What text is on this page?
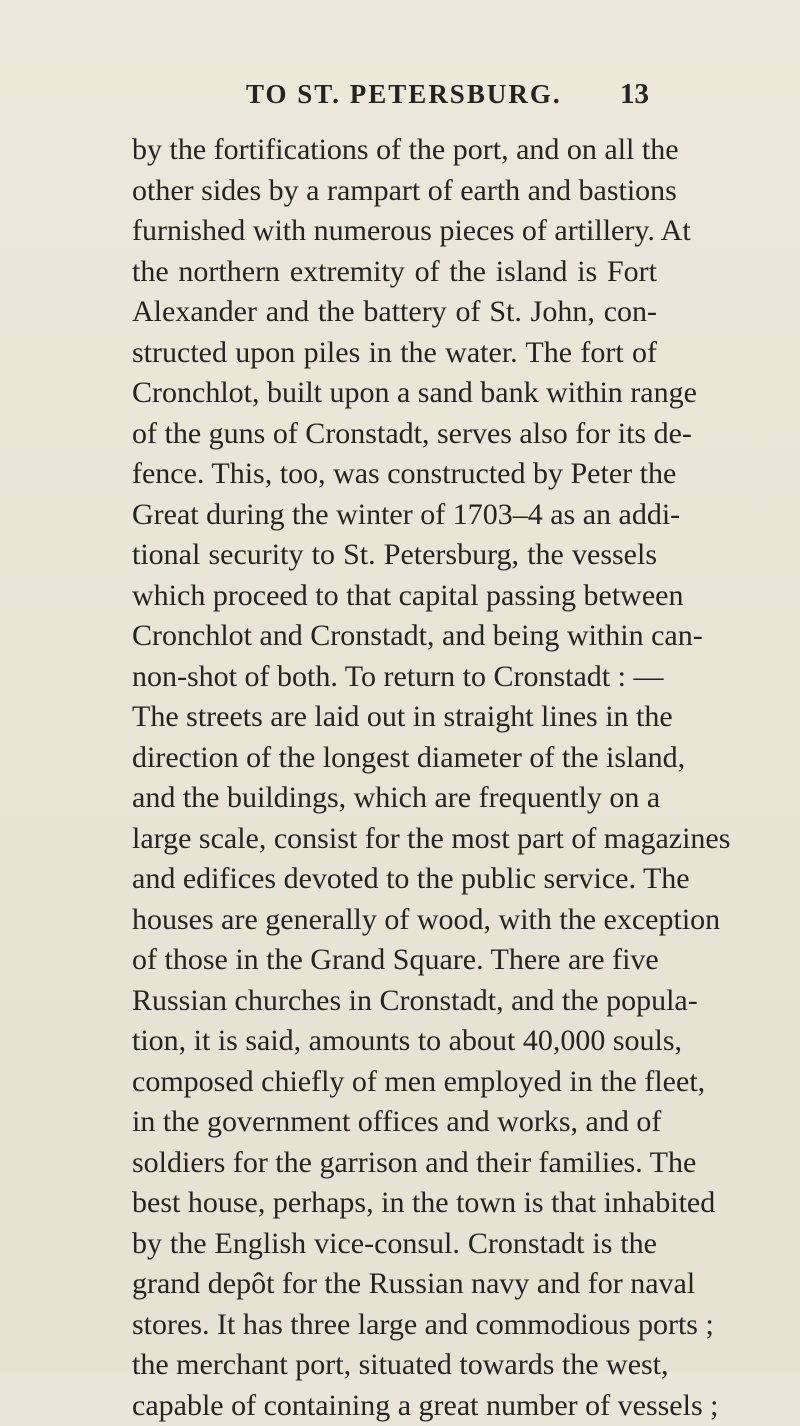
TO ST. PETERSBURG. 13
by the fortifications of the port, and on all the
other sides by a rampart of earth and bastions
furnished with numerous pieces of artillery. At
the northern extremity of the island is Fort
Alexander and the battery of St. John, con-
structed upon piles in the water. The fort of
Cronchlot, built upon a sand bank within range
of the guns of Cronstadt, serves also for its de-
fence. This, too, was constructed by Peter the
Great during the winter of 1703–4 as an addi-
tional security to St. Petersburg, the vessels
which proceed to that capital passing between
Cronchlot and Cronstadt, and being within can-
non-shot of both. To return to Cronstadt : —
The streets are laid out in straight lines in the
direction of the longest diameter of the island,
and the buildings, which are frequently on a
large scale, consist for the most part of magazines
and edifices devoted to the public service. The
houses are generally of wood, with the exception
of those in the Grand Square. There are five
Russian churches in Cronstadt, and the popula-
tion, it is said, amounts to about 40,000 souls,
composed chiefly of men employed in the fleet,
in the government offices and works, and of
soldiers for the garrison and their families. The
best house, perhaps, in the town is that inhabited
by the English vice-consul. Cronstadt is the
grand depôt for the Russian navy and for naval
stores. It has three large and commodious ports ;
the merchant port, situated towards the west,
capable of containing a great number of vessels ;
